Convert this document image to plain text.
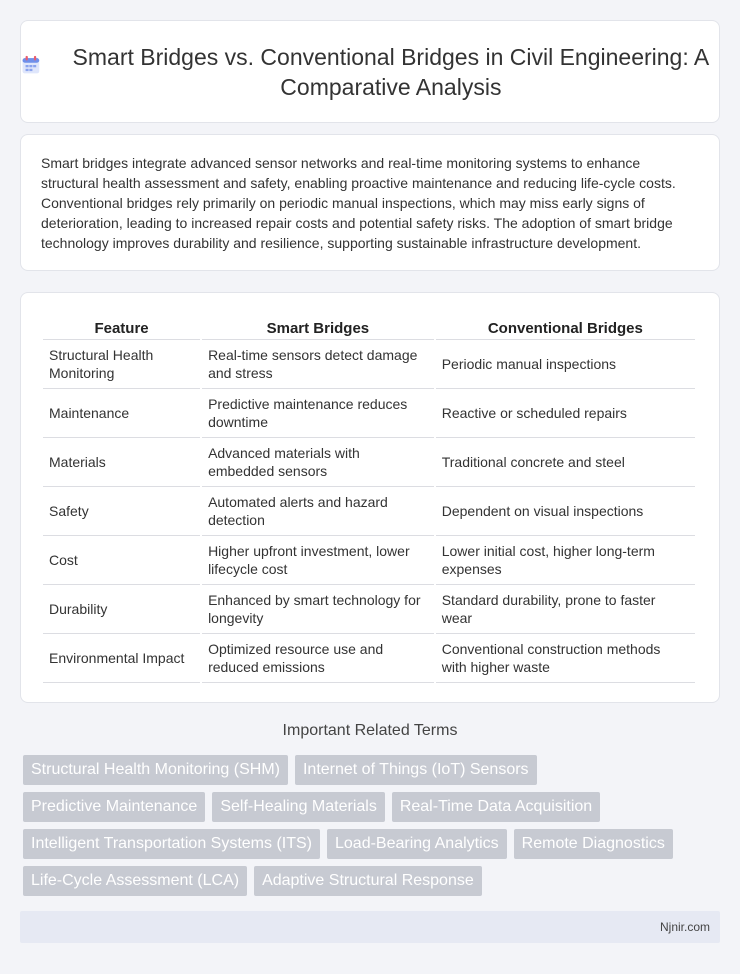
Smart Bridges vs. Conventional Bridges in Civil Engineering: A Comparative Analysis

Smart bridges integrate advanced sensor networks and real-time monitoring systems to enhance structural health assessment and safety, enabling proactive maintenance and reducing life-cycle costs. Conventional bridges rely primarily on periodic manual inspections, which may miss early signs of deterioration, leading to increased repair costs and potential safety risks. The adoption of smart bridge technology improves durability and resilience, supporting sustainable infrastructure development.

Feature	Smart Bridges	Conventional Bridges
Structural Health Monitoring	Real-time sensors detect damage and stress	Periodic manual inspections
Maintenance	Predictive maintenance reduces downtime	Reactive or scheduled repairs
Materials	Advanced materials with embedded sensors	Traditional concrete and steel
Safety	Automated alerts and hazard detection	Dependent on visual inspections
Cost	Higher upfront investment, lower lifecycle cost	Lower initial cost, higher long-term expenses
Durability	Enhanced by smart technology for longevity	Standard durability, prone to faster wear
Environmental Impact	Optimized resource use and reduced emissions	Conventional construction methods with higher waste
Important Related Terms
Structural Health Monitoring (SHM)	Internet of Things (IoT) Sensors
Predictive Maintenance	Self-Healing Materials	Real-Time Data Acquisition
Intelligent Transportation Systems (ITS)	Load-Bearing Analytics	Remote Diagnostics
Life-Cycle Assessment (LCA)	Adaptive Structural Response
Njnir.com
